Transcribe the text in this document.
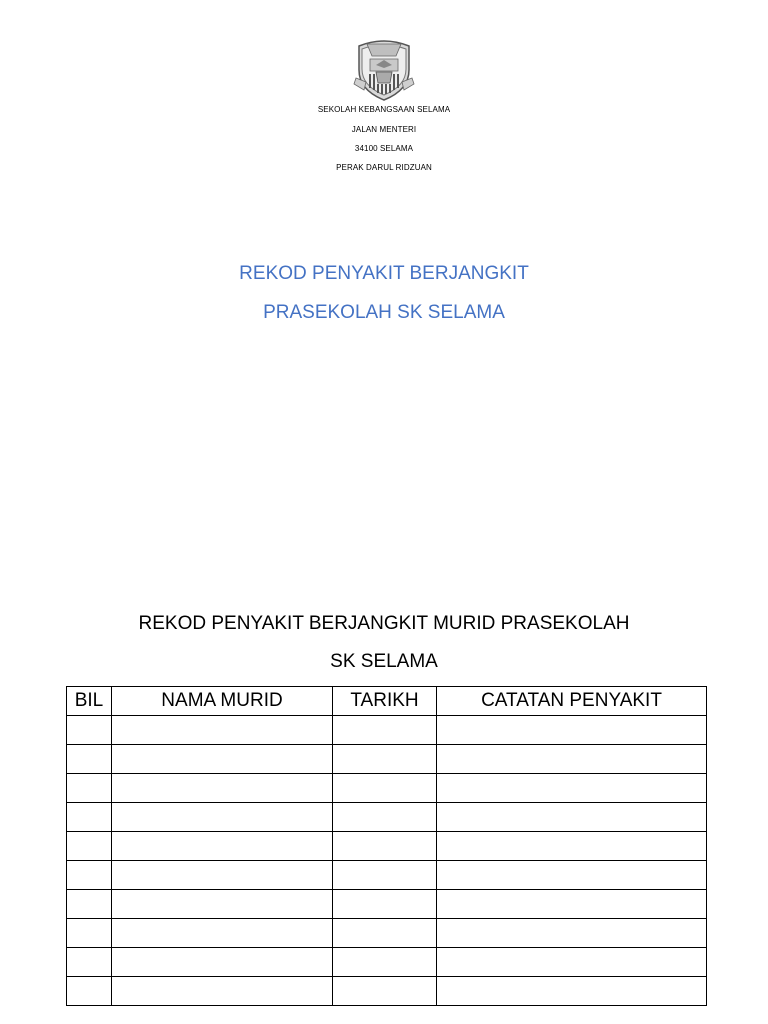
SEKOLAH KEBANGSAAN SELAMA
JALAN MENTERI
34100 SELAMA
PERAK DARUL RIDZUAN
REKOD PENYAKIT BERJANGKIT
PRASEKOLAH SK SELAMA
REKOD PENYAKIT BERJANGKIT MURID PRASEKOLAH
SK SELAMA
BIL	NAMA MURID	TARIKH	CATATAN PENYAKIT
